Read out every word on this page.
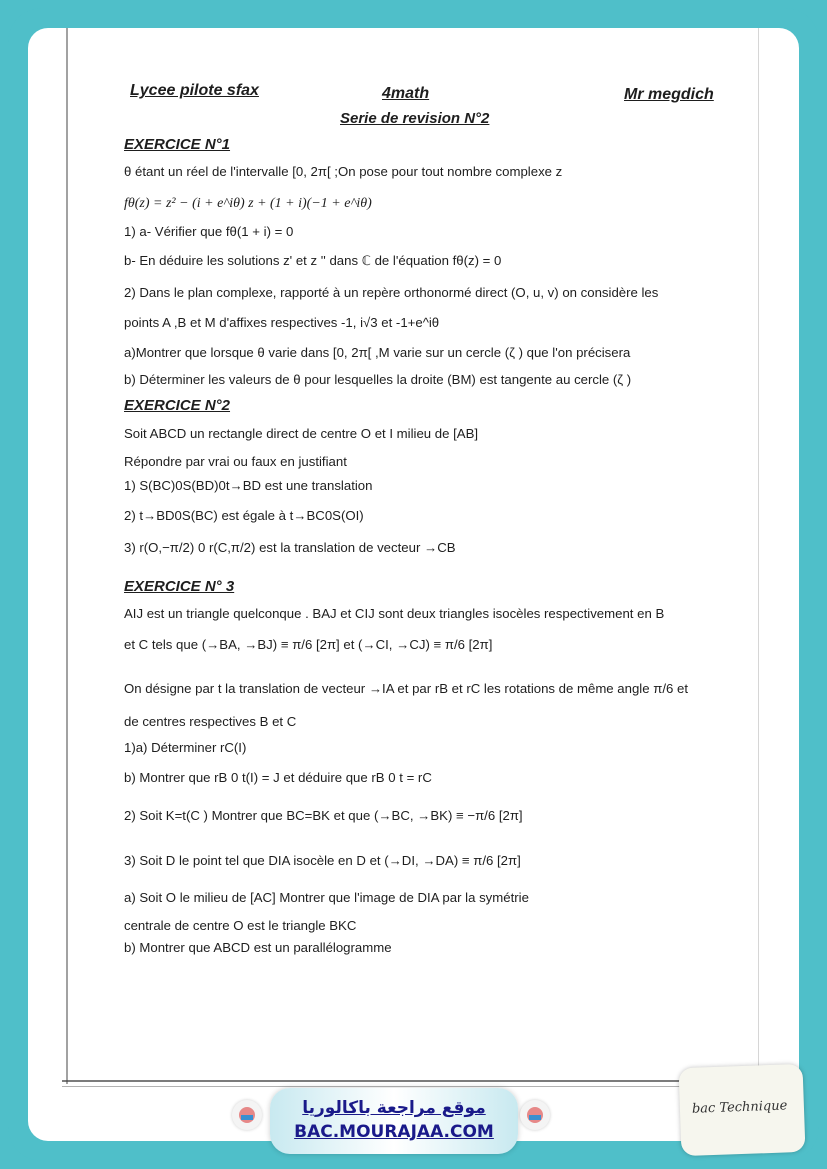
Lycee pilote sfax	4math	Mr megdich
Serie de revision N°2
EXERCICE N°1
θ étant un réel de l'intervalle [0, 2π[ ;On pose pour tout nombre complexe z
fθ(z) = z² − (i + e^iθ) z + (1 + i)(−1 + e^iθ)
1) a- Vérifier que fθ(1 + i) = 0
b- En déduire les solutions z' et z '' dans ℂ de l'équation fθ(z) = 0
2) Dans le plan complexe, rapporté à un repère orthonormé direct (O, u, v) on considère les
points A ,B et M d'affixes respectives -1, i√3 et -1+e^iθ
a)Montrer que lorsque θ varie dans [0, 2π[ ,M varie sur un cercle (ζ ) que l'on précisera
b) Déterminer les valeurs de θ pour lesquelles la droite (BM) est tangente au cercle (ζ )
EXERCICE N°2
Soit ABCD un rectangle direct de centre O et I milieu de [AB]
Répondre par vrai ou faux en justifiant
1) S(BC)0S(BD)0t→BD est une translation
2) t→BD0S(BC) est égale à t→BC0S(OI)
3) r(O,−π/2) 0 r(C,π/2) est la translation de vecteur →CB
EXERCICE N° 3
AIJ est un triangle quelconque . BAJ et CIJ sont deux triangles isocèles respectivement en B
et C tels que (→BA, →BJ) ≡ π/6 [2π] et (→CI, →CJ) ≡ π/6 [2π]
On désigne par t la translation de vecteur →IA et par rB et rC les rotations de même angle π/6 et
de centres respectives B et C
1)a) Déterminer rC(I)
b) Montrer que rB 0 t(I) = J et déduire que rB 0 t = rC
2) Soit K=t(C ) Montrer que BC=BK et que (→BC, →BK) ≡ −π/6 [2π]
3) Soit D le point tel que DIA isocèle en D et (→DI, →DA) ≡ π/6 [2π]
a) Soit O le milieu de [AC] Montrer que l'image de DIA par la symétrie
centrale de centre O est le triangle BKC
b) Montrer que ABCD est un parallélogramme
موقع مراجعة باكالوريا
BAC.MOURAJAA.COM
bac Technique
